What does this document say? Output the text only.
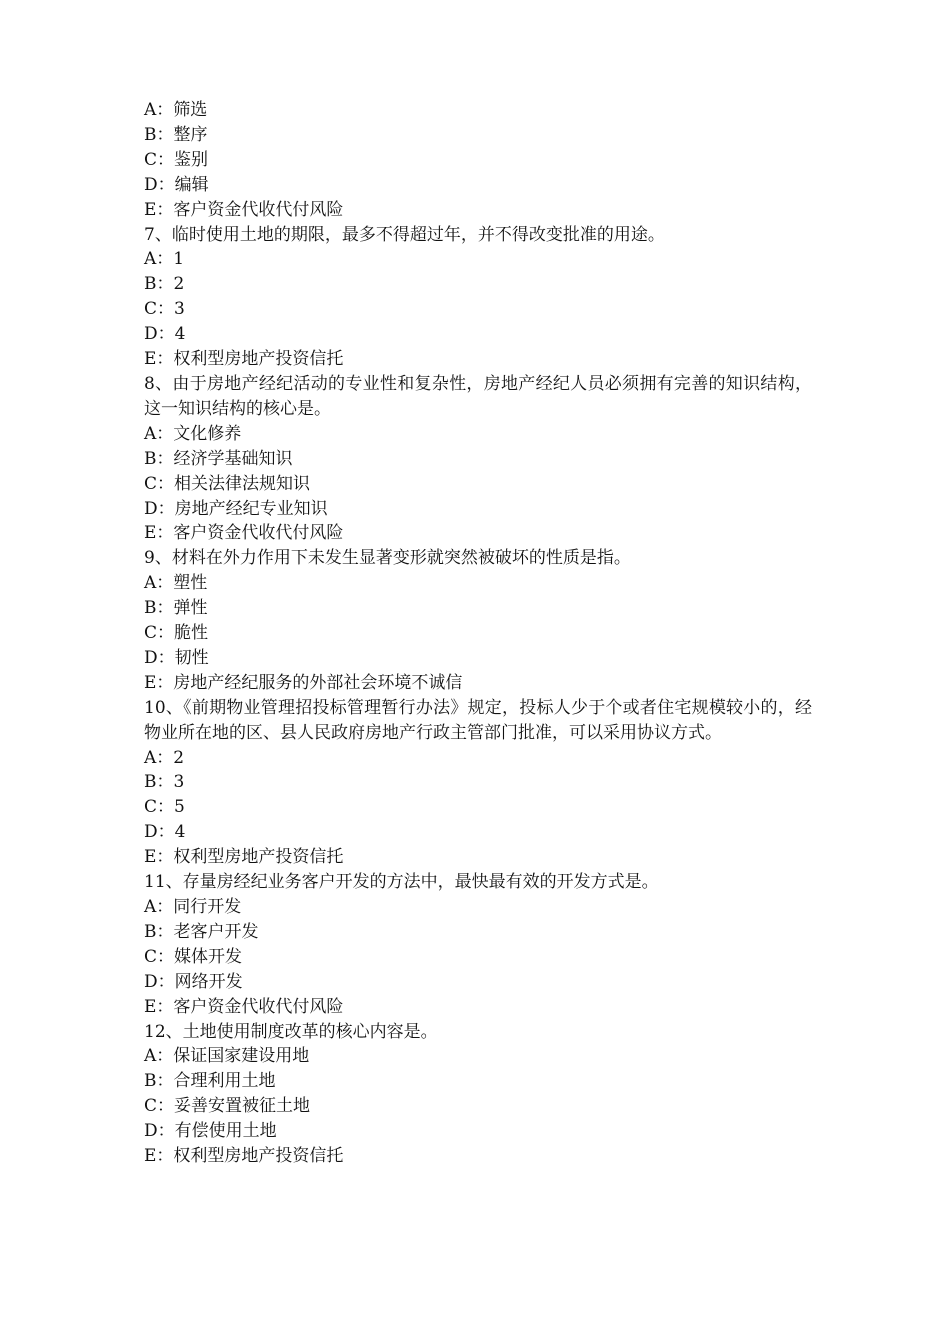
A：筛选
B：整序
C：鉴别
D：编辑
E：客户资金代收代付风险
7、临时使用土地的期限，最多不得超过年，并不得改变批准的用途。
A：1
B：2
C：3
D：4
E：权利型房地产投资信托
8、由于房地产经纪活动的专业性和复杂性，房地产经纪人员必须拥有完善的知识结构，这一知识结构的核心是。
A：文化修养
B：经济学基础知识
C：相关法律法规知识
D：房地产经纪专业知识
E：客户资金代收代付风险
9、材料在外力作用下未发生显著变形就突然被破坏的性质是指。
A：塑性
B：弹性
C：脆性
D：韧性
E：房地产经纪服务的外部社会环境不诚信
10、《前期物业管理招投标管理暂行办法》规定，投标人少于个或者住宅规模较小的，经物业所在地的区、县人民政府房地产行政主管部门批准，可以采用协议方式。
A：2
B：3
C：5
D：4
E：权利型房地产投资信托
11、存量房经纪业务客户开发的方法中，最快最有效的开发方式是。
A：同行开发
B：老客户开发
C：媒体开发
D：网络开发
E：客户资金代收代付风险
12、土地使用制度改革的核心内容是。
A：保证国家建设用地
B：合理利用土地
C：妥善安置被征土地
D：有偿使用土地
E：权利型房地产投资信托
